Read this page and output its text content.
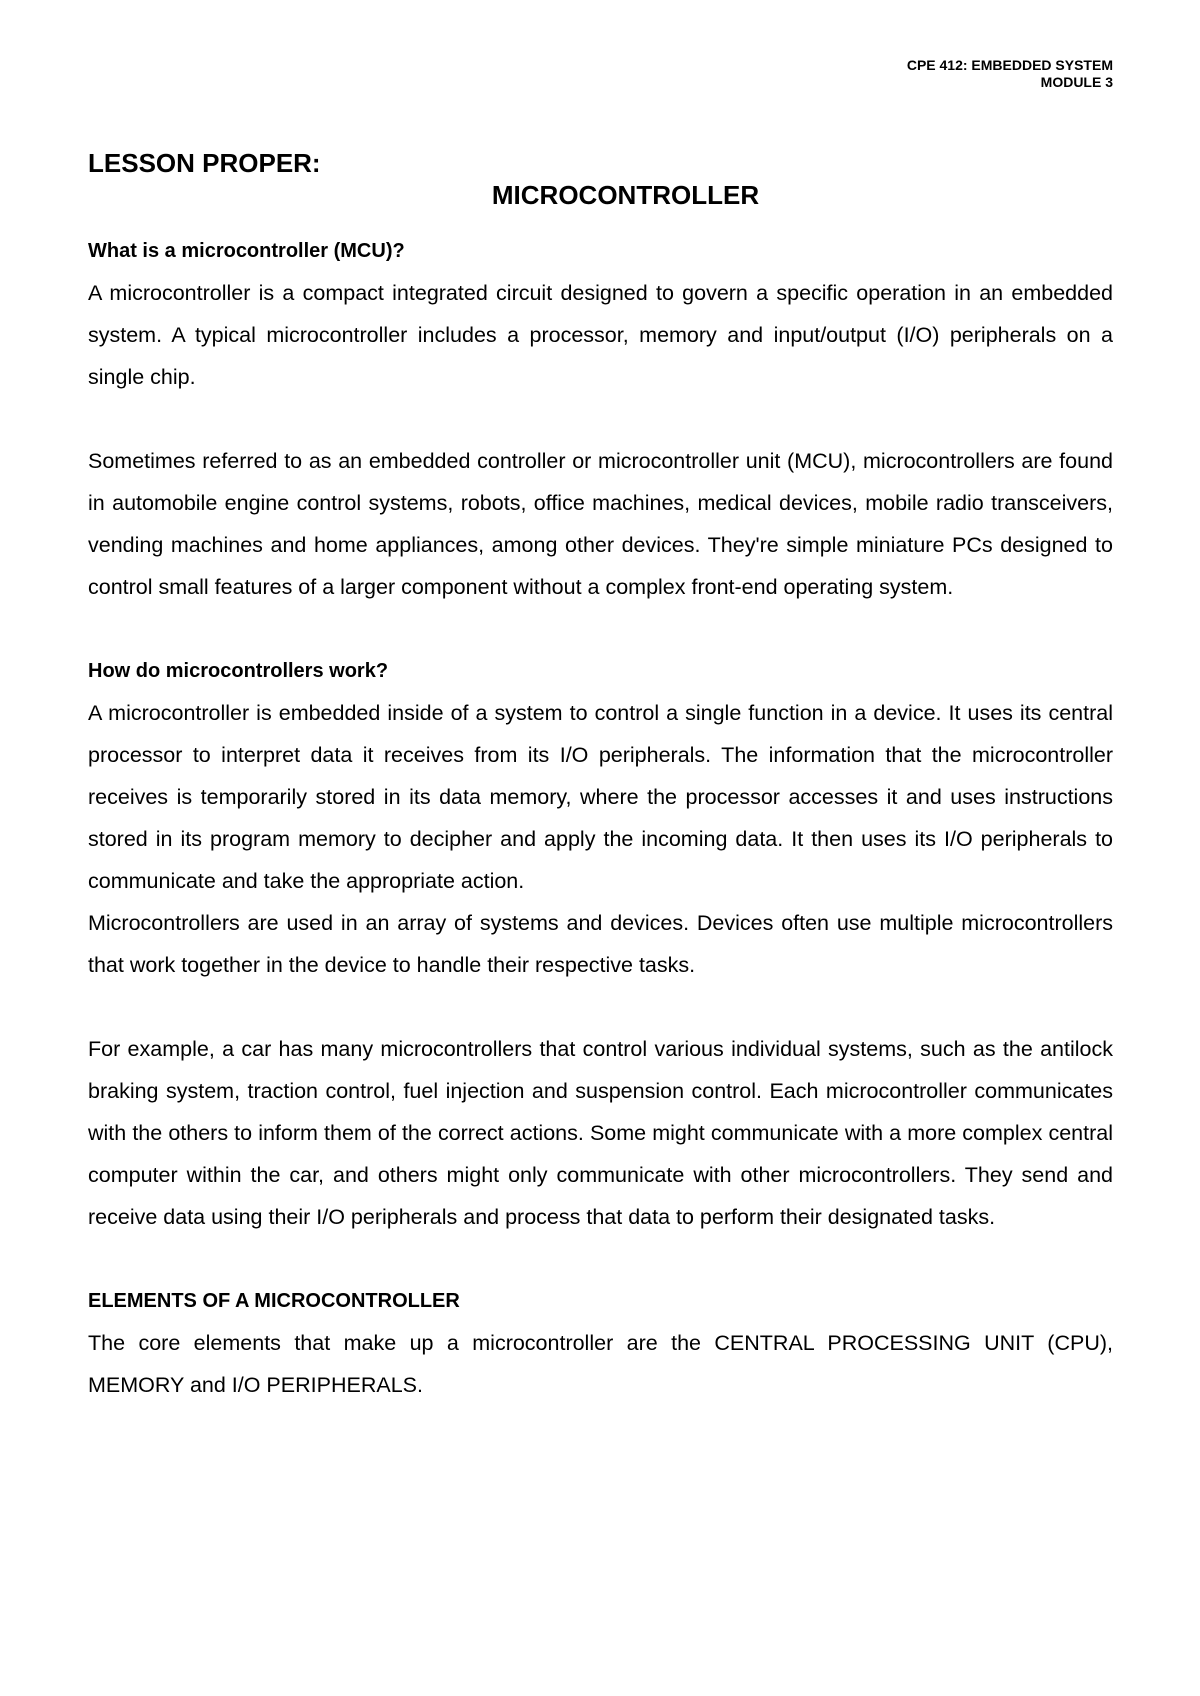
CPE 412: EMBEDDED SYSTEM
MODULE 3
LESSON PROPER:
MICROCONTROLLER
What is a microcontroller (MCU)?

A microcontroller is a compact integrated circuit designed to govern a specific operation in an embedded system. A typical microcontroller includes a processor, memory and input/output (I/O) peripherals on a single chip.

Sometimes referred to as an embedded controller or microcontroller unit (MCU), microcontrollers are found in automobile engine control systems, robots, office machines, medical devices, mobile radio transceivers, vending machines and home appliances, among other devices. They're simple miniature PCs designed to control small features of a larger component without a complex front-end operating system.

How do microcontrollers work?

A microcontroller is embedded inside of a system to control a single function in a device. It uses its central processor to interpret data it receives from its I/O peripherals. The information that the microcontroller receives is temporarily stored in its data memory, where the processor accesses it and uses instructions stored in its program memory to decipher and apply the incoming data. It then uses its I/O peripherals to communicate and take the appropriate action.

Microcontrollers are used in an array of systems and devices. Devices often use multiple microcontrollers that work together in the device to handle their respective tasks.

For example, a car has many microcontrollers that control various individual systems, such as the antilock braking system, traction control, fuel injection and suspension control. Each microcontroller communicates with the others to inform them of the correct actions. Some might communicate with a more complex central computer within the car, and others might only communicate with other microcontrollers. They send and receive data using their I/O peripherals and process that data to perform their designated tasks.

ELEMENTS OF A MICROCONTROLLER

The core elements that make up a microcontroller are the CENTRAL PROCESSING UNIT (CPU), MEMORY and I/O PERIPHERALS.
